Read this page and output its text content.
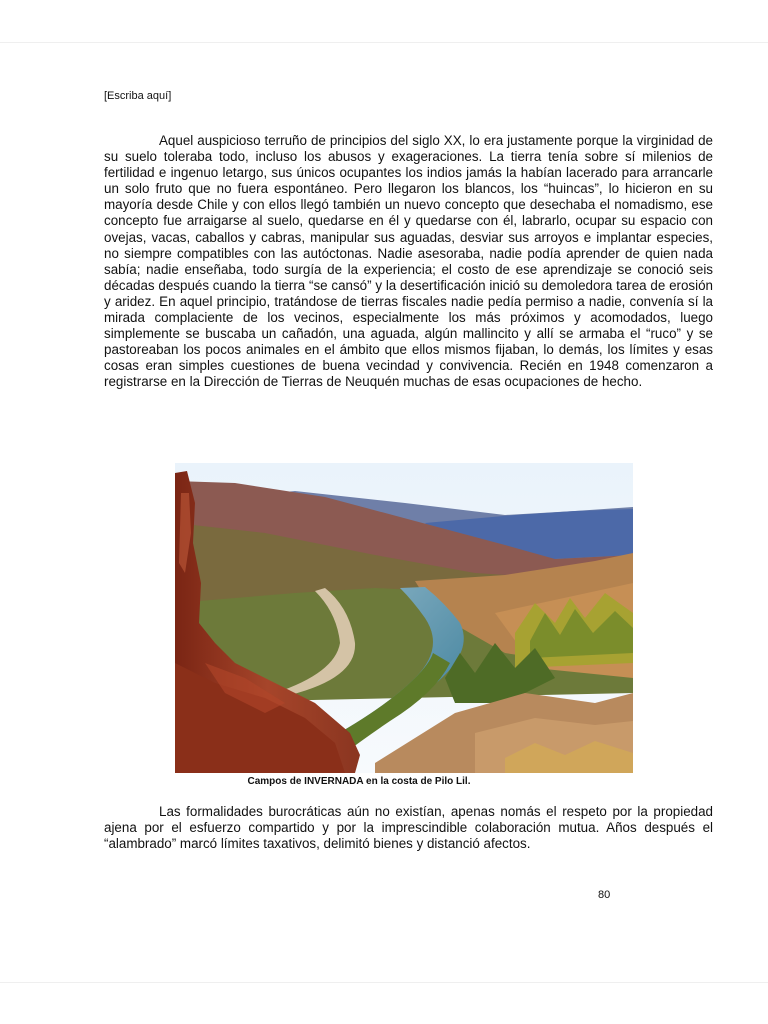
[Escriba aquí]

Aquel auspicioso terruño de principios del siglo XX, lo era justamente porque la virginidad de su suelo toleraba todo, incluso los abusos y exageraciones. La tierra tenía sobre sí milenios de fertilidad e ingenuo letargo, sus únicos ocupantes los indios jamás la habían lacerado para arrancarle un solo fruto que no fuera espontáneo. Pero llegaron los blancos, los “huincas”, lo hicieron en su mayoría desde Chile y con ellos llegó también un nuevo concepto que desechaba el nomadismo, ese concepto fue arraigarse al suelo, quedarse en él y quedarse con él, labrarlo, ocupar su espacio con ovejas, vacas, caballos y cabras, manipular sus aguadas, desviar sus arroyos e implantar especies, no siempre compatibles con las autóctonas. Nadie asesoraba, nadie podía aprender de quien nada sabía; nadie enseñaba, todo surgía de la experiencia; el costo de ese aprendizaje se conoció seis décadas después cuando la tierra “se cansó” y la desertificación inició su demoledora tarea de erosión y aridez. En aquel principio, tratándose de tierras fiscales nadie pedía permiso a nadie, convenía sí la mirada complaciente de los vecinos, especialmente los más próximos y acomodados, luego simplemente se buscaba un cañadón, una aguada, algún mallincito y allí se armaba el “ruco” y se pastoreaban los pocos animales en el ámbito que ellos mismos fijaban, lo demás, los límites y esas cosas eran simples cuestiones de buena vecindad y convivencia. Recién en 1948 comenzaron a registrarse en la Dirección de Tierras de Neuquén muchas de esas ocupaciones de hecho.

Campos de INVERNADA en la costa de Pilo Lil.

Las formalidades burocráticas aún no existían, apenas nomás el respeto por la propiedad ajena por el esfuerzo compartido y por la imprescindible colaboración mutua. Años después el “alambrado” marcó límites taxativos, delimitó bienes y distanció afectos.

80
